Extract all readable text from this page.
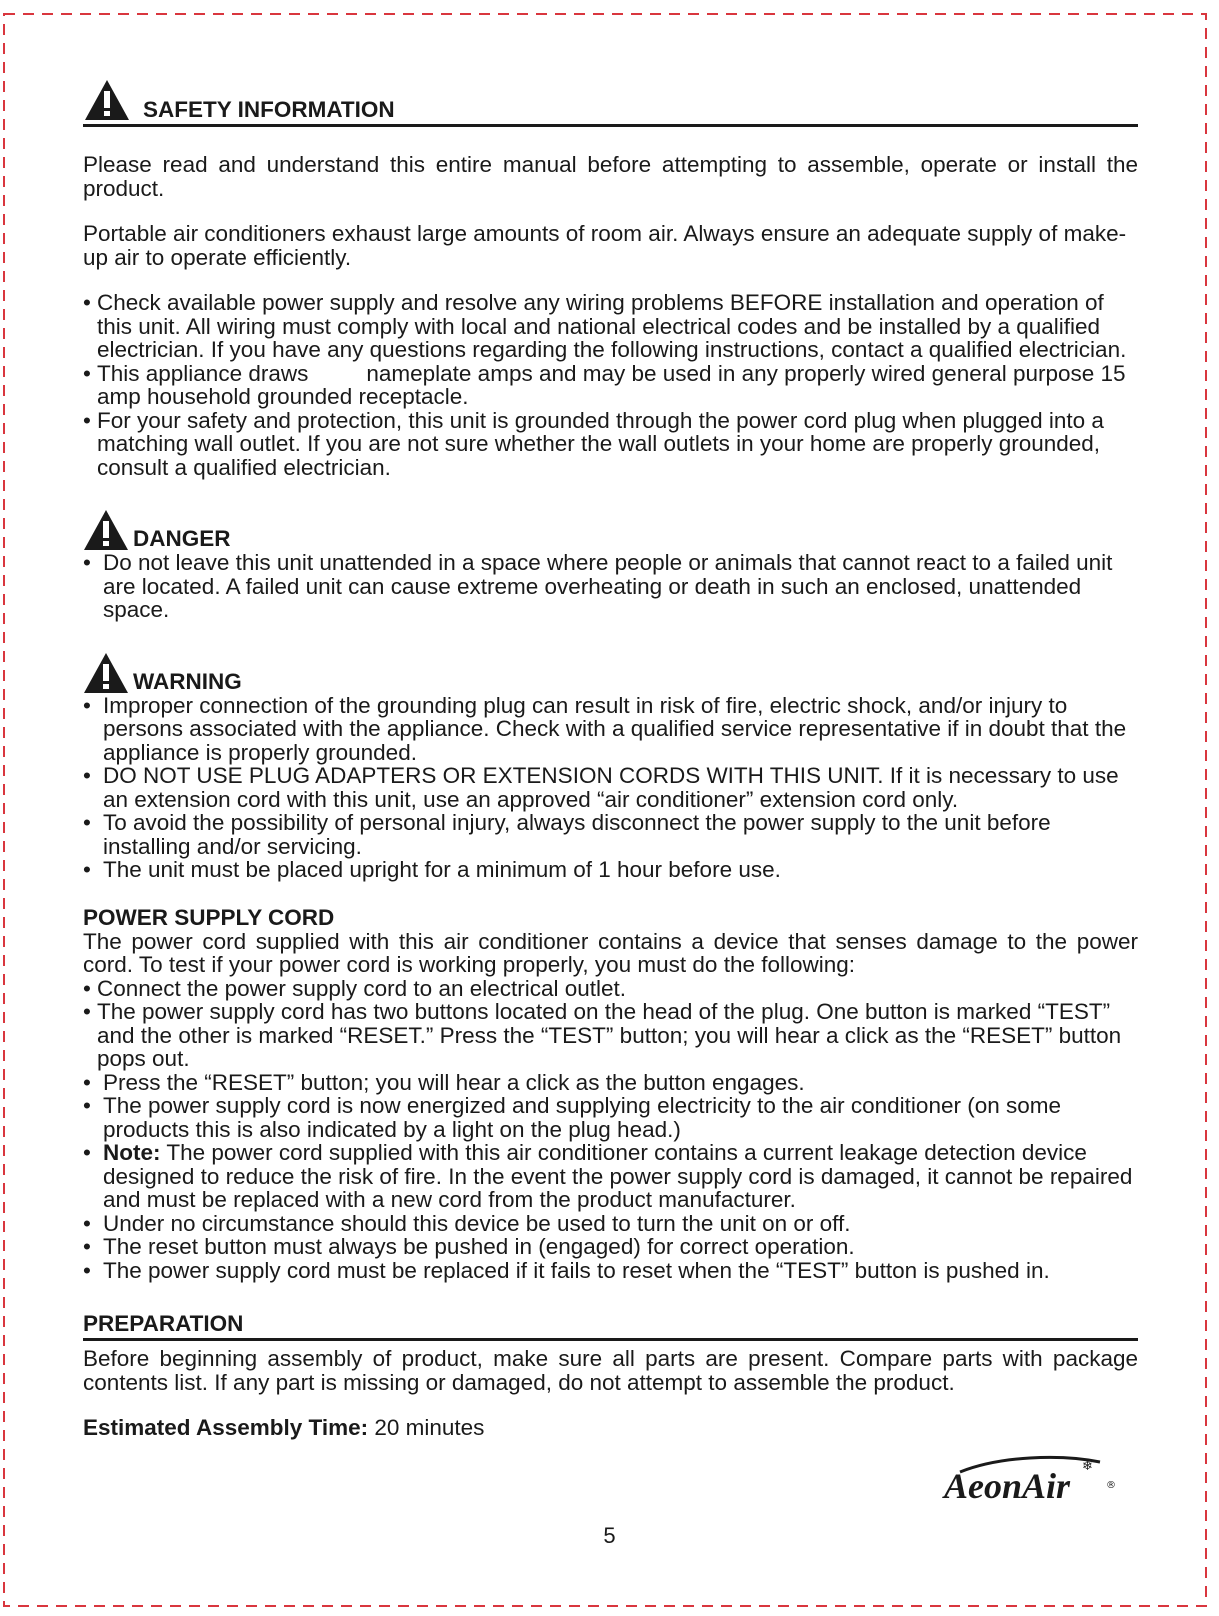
SAFETY INFORMATION

Please read and understand this entire manual before attempting to assemble, operate or install the product.

Portable air conditioners exhaust large amounts of room air. Always ensure an adequate supply of make-up air to operate efficiently.

• Check available power supply and resolve any wiring problems BEFORE installation and operation of this unit. All wiring must comply with local and national electrical codes and be installed by a qualified electrician. If you have any questions regarding the following instructions, contact a qualified electrician.
• This appliance draws	nameplate amps and may be used in any properly wired general purpose 15 amp household grounded receptacle.
• For your safety and protection, this unit is grounded through the power cord plug when plugged into a matching wall outlet. If you are not sure whether the wall outlets in your home are properly grounded, consult a qualified electrician.
DANGER
• Do not leave this unit unattended in a space where people or animals that cannot react to a failed unit are located. A failed unit can cause extreme overheating or death in such an enclosed, unattended space.
WARNING
• Improper connection of the grounding plug can result in risk of fire, electric shock, and/or injury to persons associated with the appliance. Check with a qualified service representative if in doubt that the appliance is properly grounded.
• DO NOT USE PLUG ADAPTERS OR EXTENSION CORDS WITH THIS UNIT. If it is necessary to use an extension cord with this unit, use an approved “air conditioner” extension cord only.
• To avoid the possibility of personal injury, always disconnect the power supply to the unit before installing and/or servicing.
• The unit must be placed upright for a minimum of 1 hour before use.
POWER SUPPLY CORD

The power cord supplied with this air conditioner contains a device that senses damage to the power cord. To test if your power cord is working properly, you must do the following:

• Connect the power supply cord to an electrical outlet.
• The power supply cord has two buttons located on the head of the plug. One button is marked “TEST” and the other is marked “RESET.” Press the “TEST” button; you will hear a click as the “RESET” button pops out.
• Press the “RESET” button; you will hear a click as the button engages.
• The power supply cord is now energized and supplying electricity to the air conditioner (on some products this is also indicated by a light on the plug head.)
• Note: The power cord supplied with this air conditioner contains a current leakage detection device designed to reduce the risk of fire. In the event the power supply cord is damaged, it cannot be repaired and must be replaced with a new cord from the product manufacturer.
• Under no circumstance should this device be used to turn the unit on or off.
• The reset button must always be pushed in (engaged) for correct operation.
• The power supply cord must be replaced if it fails to reset when the “TEST” button is pushed in.
PREPARATION

Before beginning assembly of product, make sure all parts are present. Compare parts with package contents list. If any part is missing or damaged, do not attempt to assemble the product.

Estimated Assembly Time: 20 minutes

AeonAir ❄
®
5
